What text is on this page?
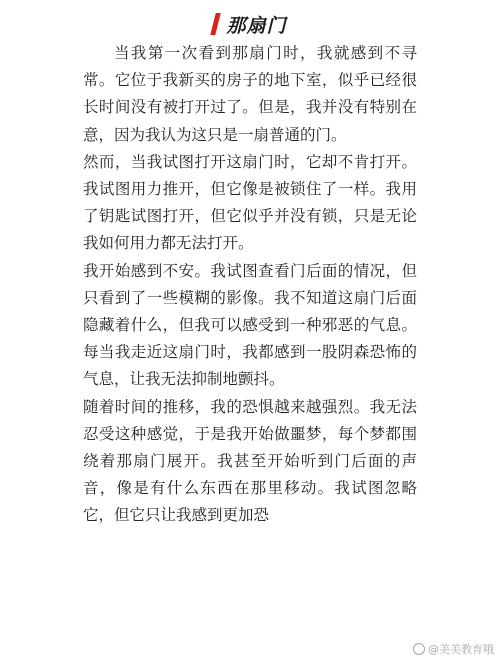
那扇门

当我第一次看到那扇门时，我就感到不寻常。它位于我新买的房子的地下室，似乎已经很长时间没有被打开过了。但是，我并没有特别在意，因为我认为这只是一扇普通的门。

然而，当我试图打开这扇门时，它却不肯打开。我试图用力推开，但它像是被锁住了一样。我用了钥匙试图打开，但它似乎并没有锁，只是无论我如何用力都无法打开。

我开始感到不安。我试图查看门后面的情况，但只看到了一些模糊的影像。我不知道这扇门后面隐藏着什么，但我可以感受到一种邪恶的气息。每当我走近这扇门时，我都感到一股阴森恐怖的气息，让我无法抑制地颤抖。

随着时间的推移，我的恐惧越来越强烈。我无法忍受这种感觉，于是我开始做噩梦，每个梦都围绕着那扇门展开。我甚至开始听到门后面的声音，像是有什么东西在那里移动。我试图忽略它，但它只让我感到更加恐

@美美教育哦
